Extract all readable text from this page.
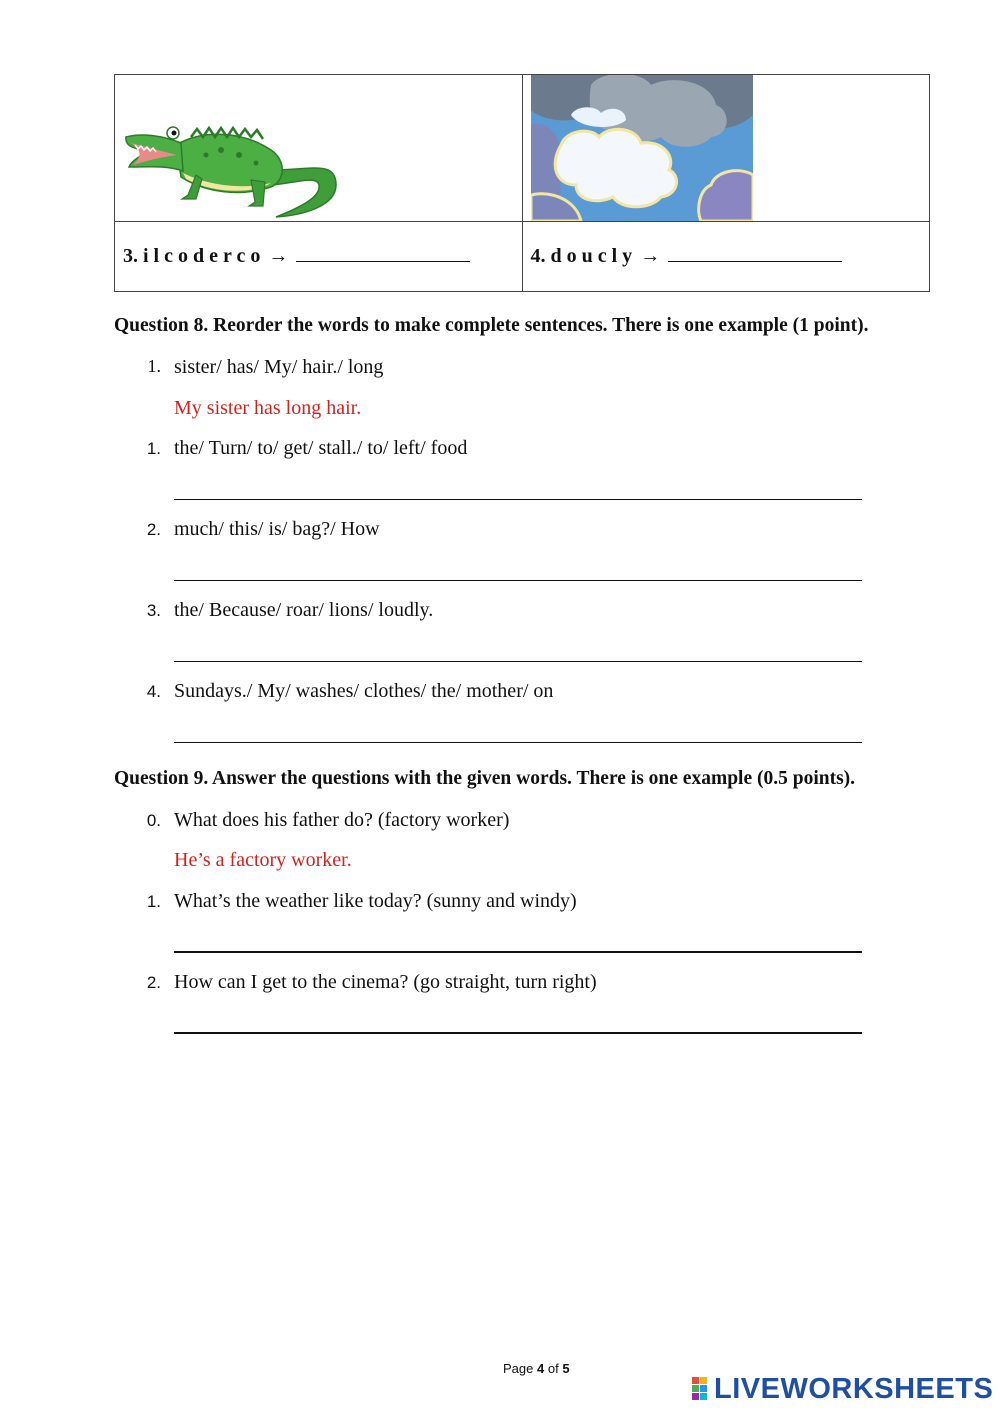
3. i l c o d e r c o →	4. d o u c l y →
Question 8. Reorder the words to make complete sentences. There is one example (1 point).
1. sister/ has/ My/ hair./ long
My sister has long hair.
1. the/ Turn/ to/ get/ stall./ to/ left/ food
2. much/ this/ is/ bag?/ How
3. the/ Because/ roar/ lions/ loudly.
4. Sundays./ My/ washes/ clothes/ the/ mother/ on
Question 9. Answer the questions with the given words. There is one example (0.5 points).
0. What does his father do? (factory worker)
He’s a factory worker.
1. What’s the weather like today? (sunny and windy)
2. How can I get to the cinema? (go straight, turn right)
Page 4 of 5
LIVEWORKSHEETS
